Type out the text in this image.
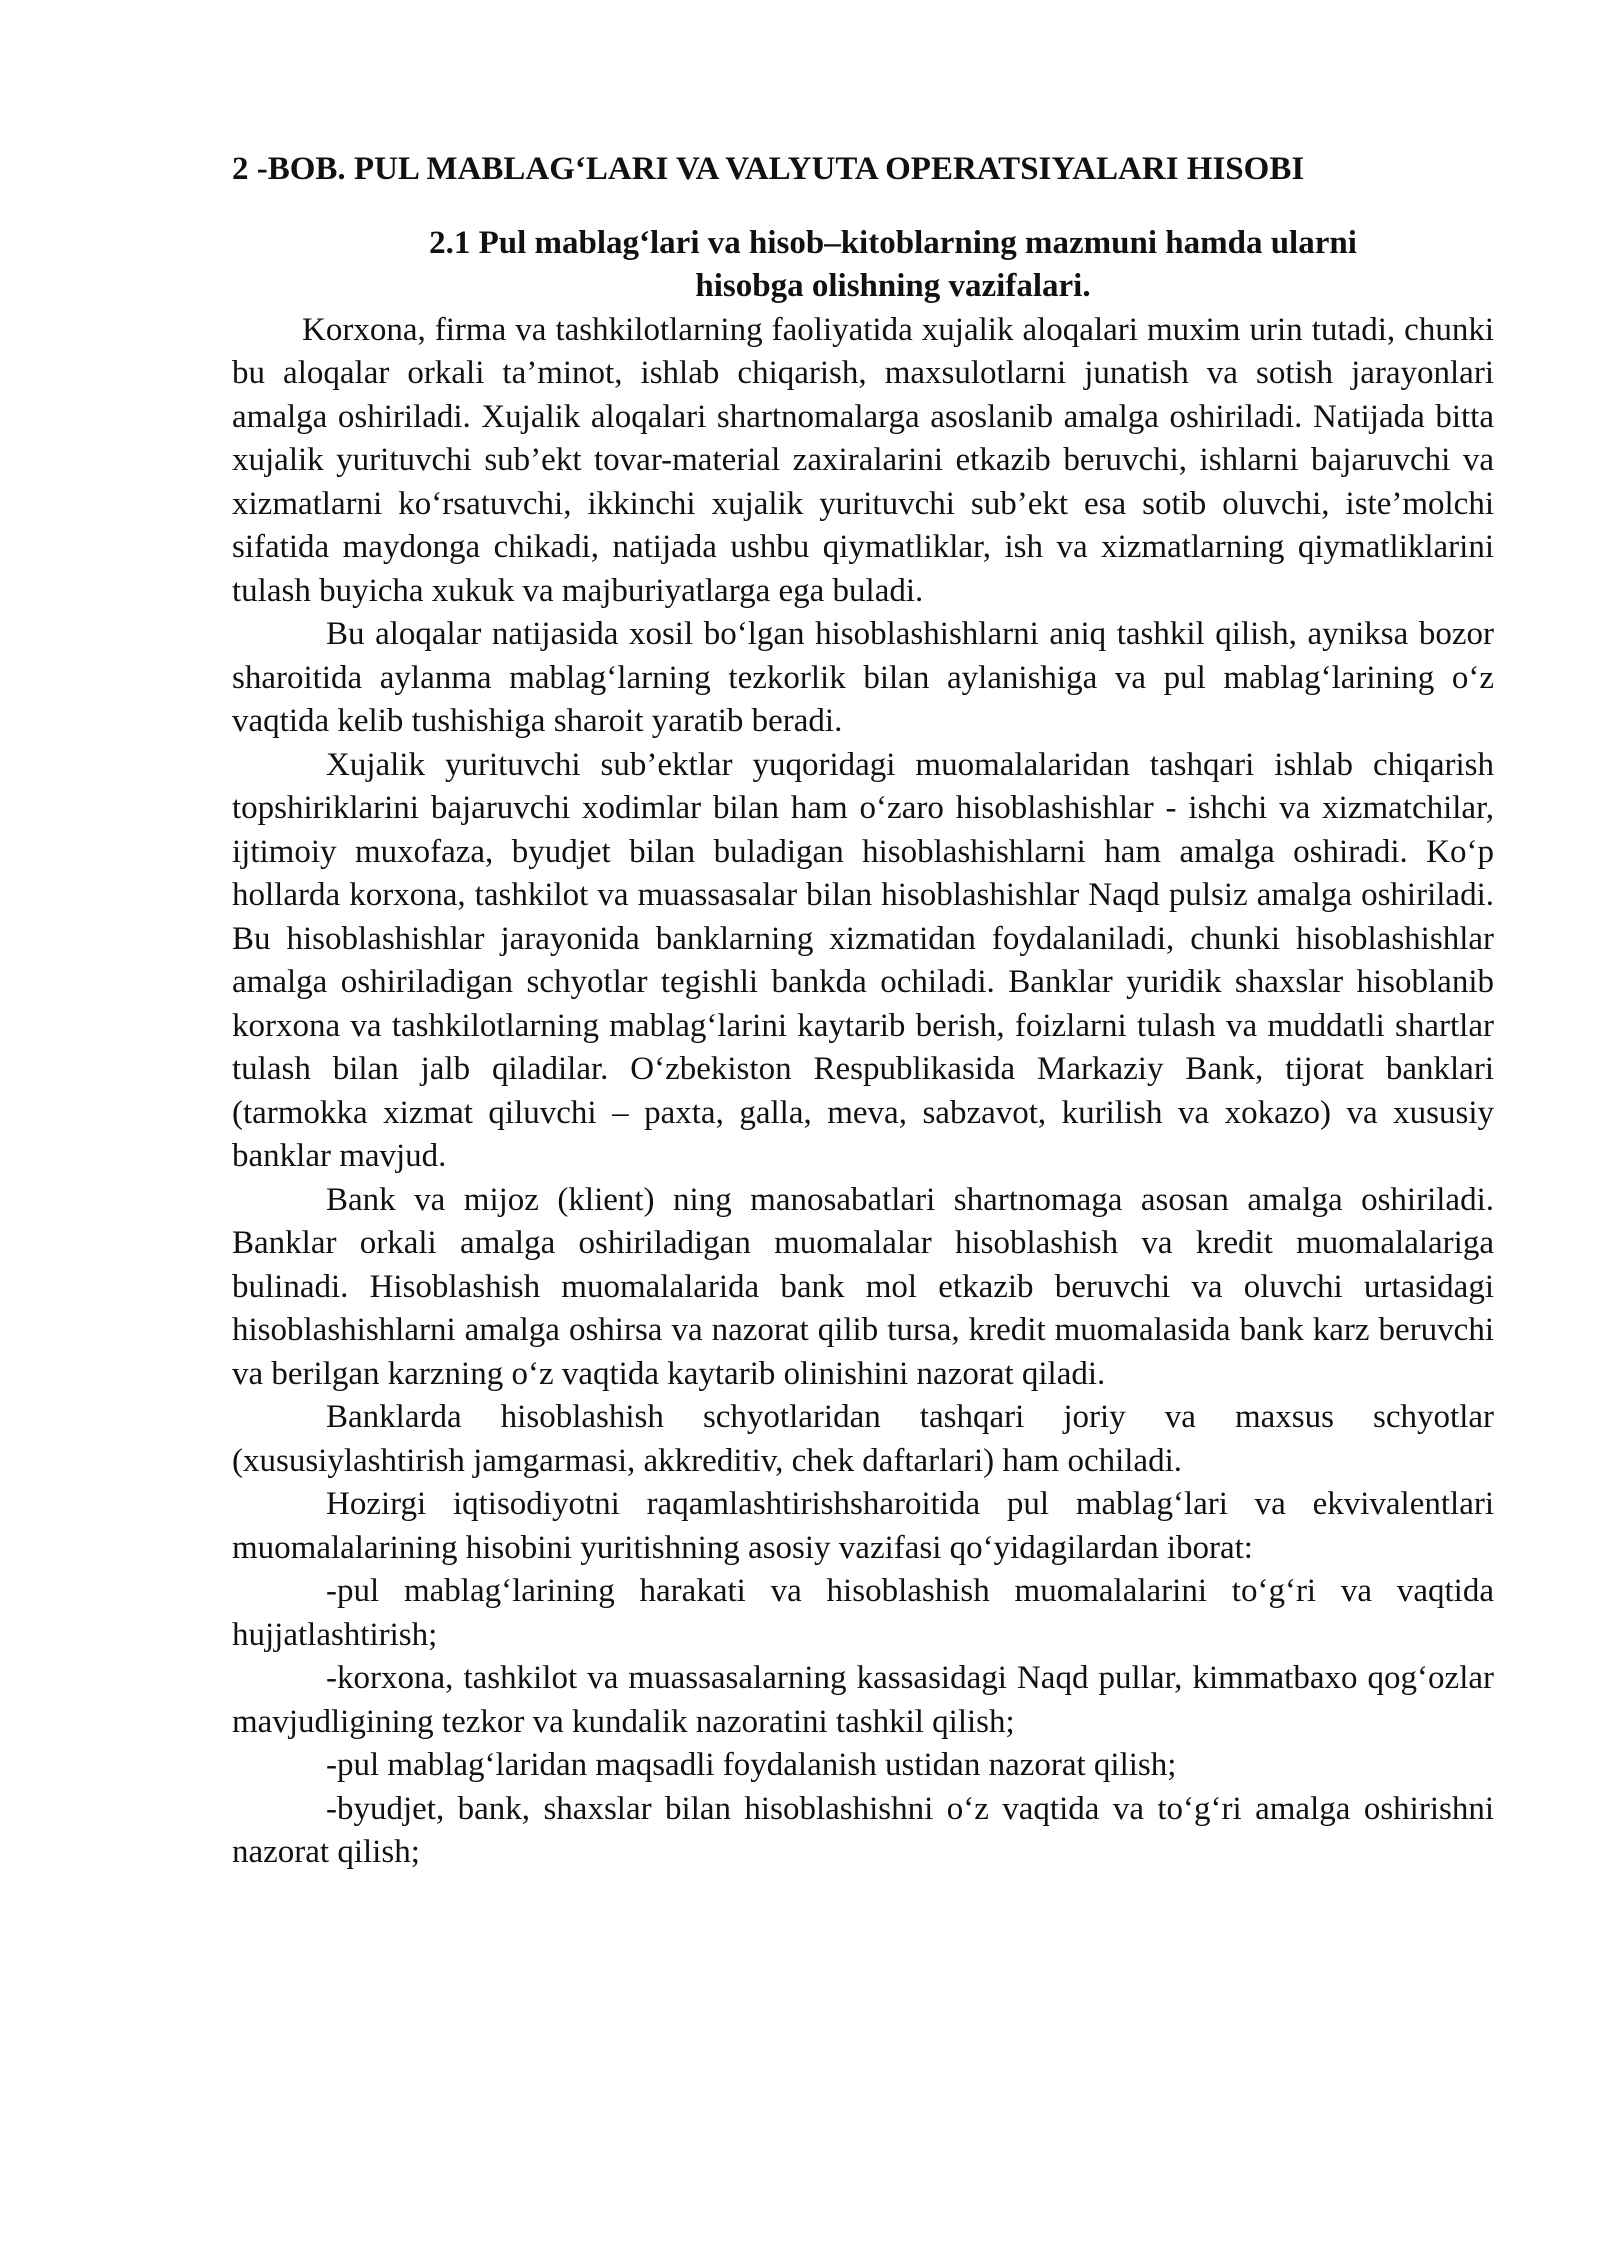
2 -BOB. PUL MABLAG‘LARI VA VALYUTA OPERATSIYALARI HISOBI
2.1 Pul mablag‘lari va hisob–kitoblarning mazmuni hamda ularni
hisobga olishning vazifalari.

Korxona, firma va tashkilotlarning faoliyatida xujalik aloqalari muxim urin tutadi, chunki bu aloqalar orkali ta’minot, ishlab chiqarish, maxsulotlarni junatish va sotish jarayonlari amalga oshiriladi. Xujalik aloqalari shartnomalarga asoslanib amalga oshiriladi. Natijada bitta xujalik yurituvchi sub’ekt tovar-material zaxiralarini etkazib beruvchi, ishlarni bajaruvchi va xizmatlarni ko‘rsatuvchi, ikkinchi xujalik yurituvchi sub’ekt esa sotib oluvchi, iste’molchi sifatida maydonga chikadi, natijada ushbu qiymatliklar, ish va xizmatlarning qiymatliklarini tulash buyicha xukuk va majburiyatlarga ega buladi.

Bu aloqalar natijasida xosil bo‘lgan hisoblashishlarni aniq tashkil qilish, ayniksa bozor sharoitida aylanma mablag‘larning tezkorlik bilan aylanishiga va pul mablag‘larining o‘z vaqtida kelib tushishiga sharoit yaratib beradi.

Xujalik yurituvchi sub’ektlar yuqoridagi muomalalaridan tashqari ishlab chiqarish topshiriklarini bajaruvchi xodimlar bilan ham o‘zaro hisoblashishlar - ishchi va xizmatchilar, ijtimoiy muxofaza, byudjet bilan buladigan hisoblashishlarni ham amalga oshiradi. Ko‘p hollarda korxona, tashkilot va muassasalar bilan hisoblashishlar Naqd pulsiz amalga oshiriladi. Bu hisoblashishlar jarayonida banklarning xizmatidan foydalaniladi, chunki hisoblashishlar amalga oshiriladigan schyotlar tegishli bankda ochiladi. Banklar yuridik shaxslar hisoblanib korxona va tashkilotlarning mablag‘larini kaytarib berish, foizlarni tulash va muddatli shartlar tulash bilan jalb qiladilar. O‘zbekiston Respublikasida Markaziy Bank, tijorat banklari (tarmokka xizmat qiluvchi – paxta, galla, meva, sabzavot, kurilish va xokazo) va xususiy banklar mavjud.

Bank va mijoz (klient) ning manosabatlari shartnomaga asosan amalga oshiriladi. Banklar orkali amalga oshiriladigan muomalalar hisoblashish va kredit muomalalariga bulinadi. Hisoblashish muomalalarida bank mol etkazib beruvchi va oluvchi urtasidagi hisoblashishlarni amalga oshirsa va nazorat qilib tursa, kredit muomalasida bank karz beruvchi va berilgan karzning o‘z vaqtida kaytarib olinishini nazorat qiladi.

Banklarda hisoblashish schyotlaridan tashqari joriy va maxsus schyotlar (xususiylashtirish jamgarmasi, akkreditiv, chek daftarlari) ham ochiladi.

Hozirgi iqtisodiyotni raqamlashtirishsharoitida pul mablag‘lari va ekvivalentlari muomalalarining hisobini yuritishning asosiy vazifasi qo‘yidagilardan iborat:

-pul mablag‘larining harakati va hisoblashish muomalalarini to‘g‘ri va vaqtida hujjatlashtirish;

-korxona, tashkilot va muassasalarning kassasidagi Naqd pullar, kimmatbaxo qog‘ozlar mavjudligining tezkor va kundalik nazoratini tashkil qilish;

-pul mablag‘laridan maqsadli foydalanish ustidan nazorat qilish;

-byudjet, bank, shaxslar bilan hisoblashishni o‘z vaqtida va to‘g‘ri amalga oshirishni nazorat qilish;
